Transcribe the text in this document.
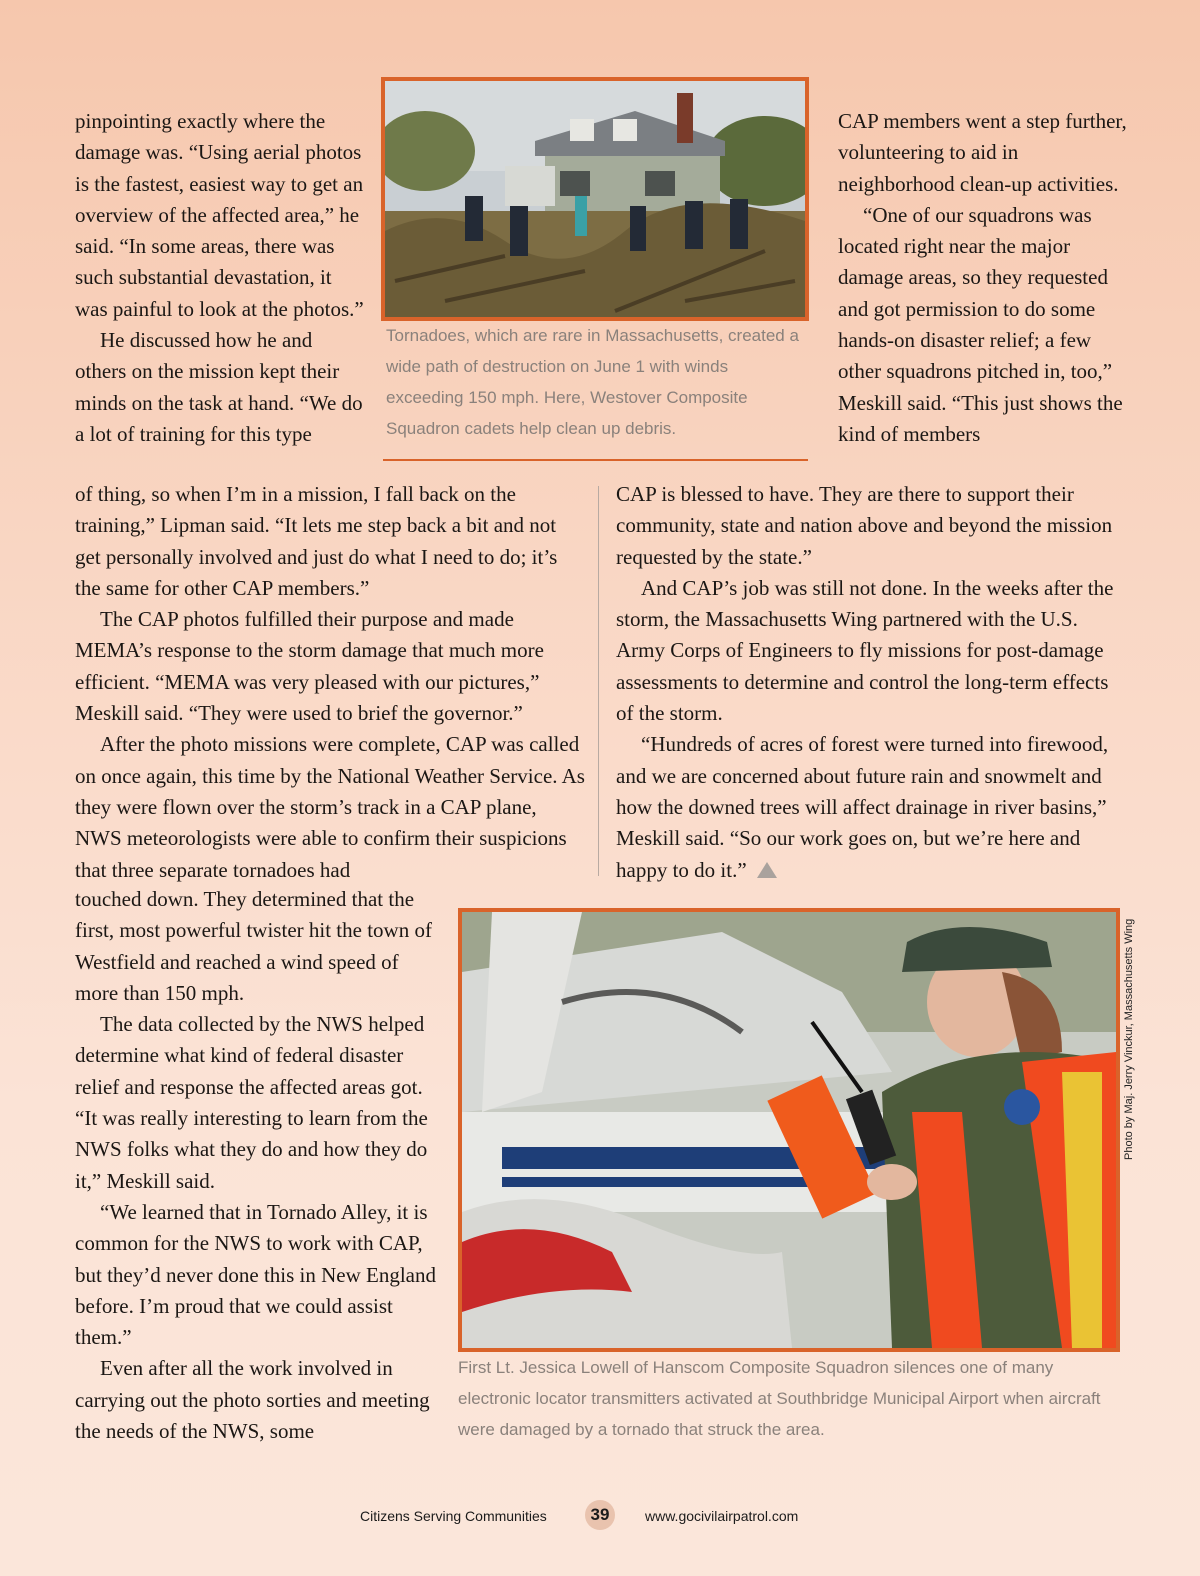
pinpointing exactly where the damage was. “Using aerial photos is the fastest, easiest way to get an overview of the affected area,” he said. “In some areas, there was such substantial devastation, it was painful to look at the photos.”

He discussed how he and others on the mission kept their minds on the task at hand. “We do a lot of training for this type

of thing, so when I’m in a mission, I fall back on the training,” Lipman said. “It lets me step back a bit and not get personally involved and just do what I need to do; it’s the same for other CAP members.”

The CAP photos fulfilled their purpose and made MEMA’s response to the storm damage that much more efficient. “MEMA was very pleased with our pictures,” Meskill said. “They were used to brief the governor.”

After the photo missions were complete, CAP was called on once again, this time by the National Weather Service. As they were flown over the storm’s track in a CAP plane, NWS meteorologists were able to confirm their suspicions that three separate tornadoes had

touched down. They determined that the first, most powerful twister hit the town of Westfield and reached a wind speed of more than 150 mph.

The data collected by the NWS helped determine what kind of federal disaster relief and response the affected areas got. “It was really interesting to learn from the NWS folks what they do and how they do it,” Meskill said.

“We learned that in Tornado Alley, it is common for the NWS to work with CAP, but they’d never done this in New England before. I’m proud that we could assist them.”

Even after all the work involved in carrying out the photo sorties and meeting the needs of the NWS, some

CAP members went a step further, volunteering to aid in neighborhood clean-up activities.

“One of our squadrons was located right near the major damage areas, so they requested and got permission to do some hands-on disaster relief; a few other squadrons pitched in, too,” Meskill said. “This just shows the kind of members

CAP is blessed to have. They are there to support their community, state and nation above and beyond the mission requested by the state.”

And CAP’s job was still not done. In the weeks after the storm, the Massachusetts Wing partnered with the U.S. Army Corps of Engineers to fly missions for post-damage assessments to determine and control the long-term effects of the storm.

“Hundreds of acres of forest were turned into firewood, and we are concerned about future rain and snowmelt and how the downed trees will affect drainage in river basins,” Meskill said. “So our work goes on, but we’re here and happy to do it.”

Tornadoes, which are rare in Massachusetts, created a wide path of destruction on June 1 with winds exceeding 150 mph. Here, Westover Composite Squadron cadets help clean up debris.
First Lt. Jessica Lowell of Hanscom Composite Squadron silences one of many electronic locator transmitters activated at Southbridge Municipal Airport when aircraft were damaged by a tornado that struck the area.
Photo by Maj. Jerry Vinckur, Massachusetts Wing
Citizens Serving Communities	39	www.gocivilairpatrol.com
